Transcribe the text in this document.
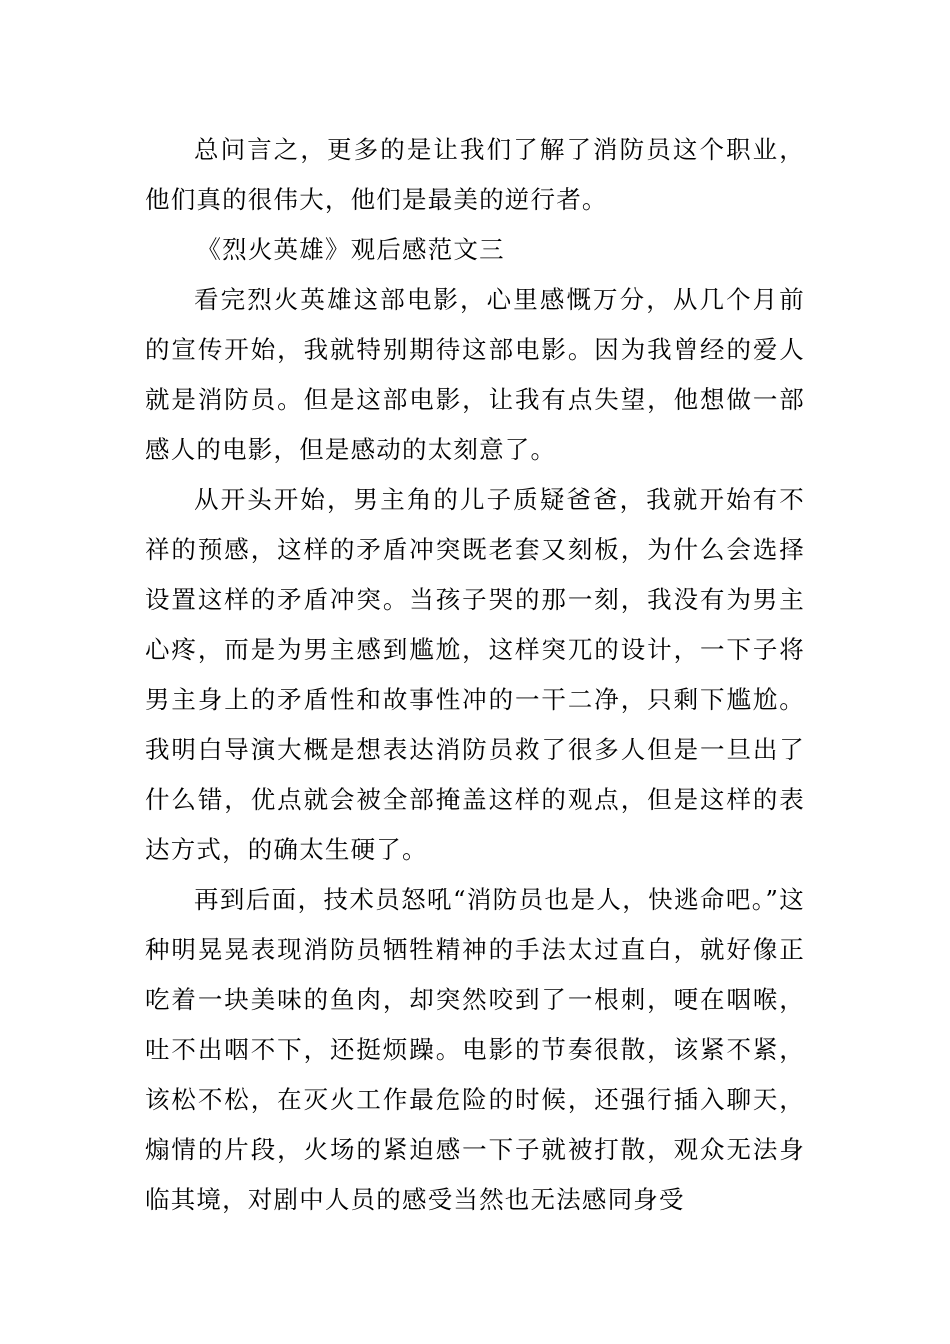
总问言之，更多的是让我们了解了消防员这个职业，他们真的很伟大，他们是最美的逆行者。

《烈火英雄》观后感范文三

看完烈火英雄这部电影，心里感慨万分，从几个月前的宣传开始，我就特别期待这部电影。因为我曾经的爱人就是消防员。但是这部电影，让我有点失望，他想做一部感人的电影，但是感动的太刻意了。

从开头开始，男主角的儿子质疑爸爸，我就开始有不祥的预感，这样的矛盾冲突既老套又刻板，为什么会选择设置这样的矛盾冲突。当孩子哭的那一刻，我没有为男主心疼，而是为男主感到尴尬，这样突兀的设计，一下子将男主身上的矛盾性和故事性冲的一干二净，只剩下尴尬。我明白导演大概是想表达消防员救了很多人但是一旦出了什么错，优点就会被全部掩盖这样的观点，但是这样的表达方式，的确太生硬了。

再到后面，技术员怒吼“消防员也是人，快逃命吧。”这种明晃晃表现消防员牺牲精神的手法太过直白，就好像正吃着一块美味的鱼肉，却突然咬到了一根刺，哽在咽喉，吐不出咽不下，还挺烦躁。电影的节奏很散，该紧不紧，该松不松，在灭火工作最危险的时候，还强行插入聊天，煽情的片段，火场的紧迫感一下子就被打散，观众无法身临其境，对剧中人员的感受当然也无法感同身受
